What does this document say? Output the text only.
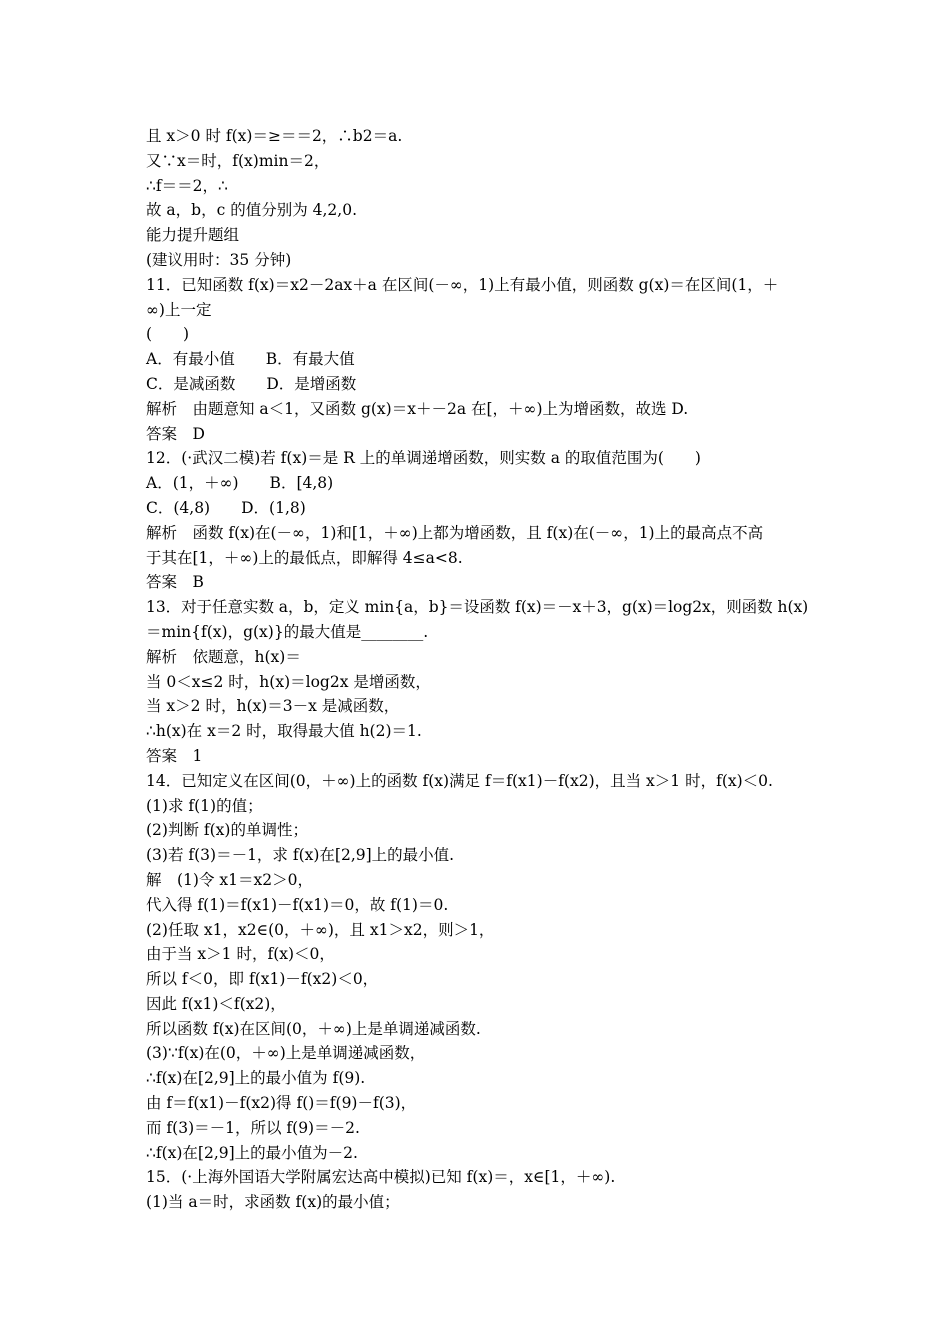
且 x＞0 时 f(x)＝≥＝＝2，∴b2＝a.
又∵x＝时，f(x)min＝2，
∴f＝＝2，∴
故 a，b，c 的值分别为 4,2,0.
能力提升题组
(建议用时：35 分钟)
11．已知函数 f(x)＝x2－2ax＋a 在区间(－∞，1)上有最小值，则函数 g(x)＝在区间(1，＋
∞)上一定
(　　)
A．有最小值　　B．有最大值
C．是减函数　　D．是增函数
解析　由题意知 a＜1，又函数 g(x)＝x＋－2a 在[，＋∞)上为增函数，故选 D.
答案　D
12．(·武汉二模)若 f(x)＝是 R 上的单调递增函数，则实数 a 的取值范围为(　　)
A．(1，＋∞)　　B．[4,8)
C．(4,8)　　D．(1,8)
解析　函数 f(x)在(－∞，1)和[1，＋∞)上都为增函数，且 f(x)在(－∞，1)上的最高点不高
于其在[1，＋∞)上的最低点，即解得 4≤a<8.
答案　B
13．对于任意实数 a，b，定义 min{a，b}＝设函数 f(x)＝－x＋3，g(x)＝log2x，则函数 h(x)
＝min{f(x)，g(x)}的最大值是________.
解析　依题意，h(x)＝
当 0＜x≤2 时，h(x)＝log2x 是增函数，
当 x＞2 时，h(x)＝3－x 是减函数，
∴h(x)在 x＝2 时，取得最大值 h(2)＝1.
答案　1
14．已知定义在区间(0，＋∞)上的函数 f(x)满足 f＝f(x1)－f(x2)，且当 x＞1 时，f(x)＜0.
(1)求 f(1)的值；
(2)判断 f(x)的单调性；
(3)若 f(3)＝－1，求 f(x)在[2,9]上的最小值.
解　(1)令 x1＝x2＞0，
代入得 f(1)＝f(x1)－f(x1)＝0，故 f(1)＝0.
(2)任取 x1，x2∈(0，＋∞)，且 x1＞x2，则＞1，
由于当 x＞1 时，f(x)＜0，
所以 f＜0，即 f(x1)－f(x2)＜0，
因此 f(x1)＜f(x2)，
所以函数 f(x)在区间(0，＋∞)上是单调递减函数.
(3)∵f(x)在(0，＋∞)上是单调递减函数，
∴f(x)在[2,9]上的最小值为 f(9).
由 f＝f(x1)－f(x2)得 f()＝f(9)－f(3)，
而 f(3)＝－1，所以 f(9)＝－2.
∴f(x)在[2,9]上的最小值为－2.
15．(·上海外国语大学附属宏达高中模拟)已知 f(x)＝，x∈[1，＋∞).
(1)当 a＝时，求函数 f(x)的最小值；
